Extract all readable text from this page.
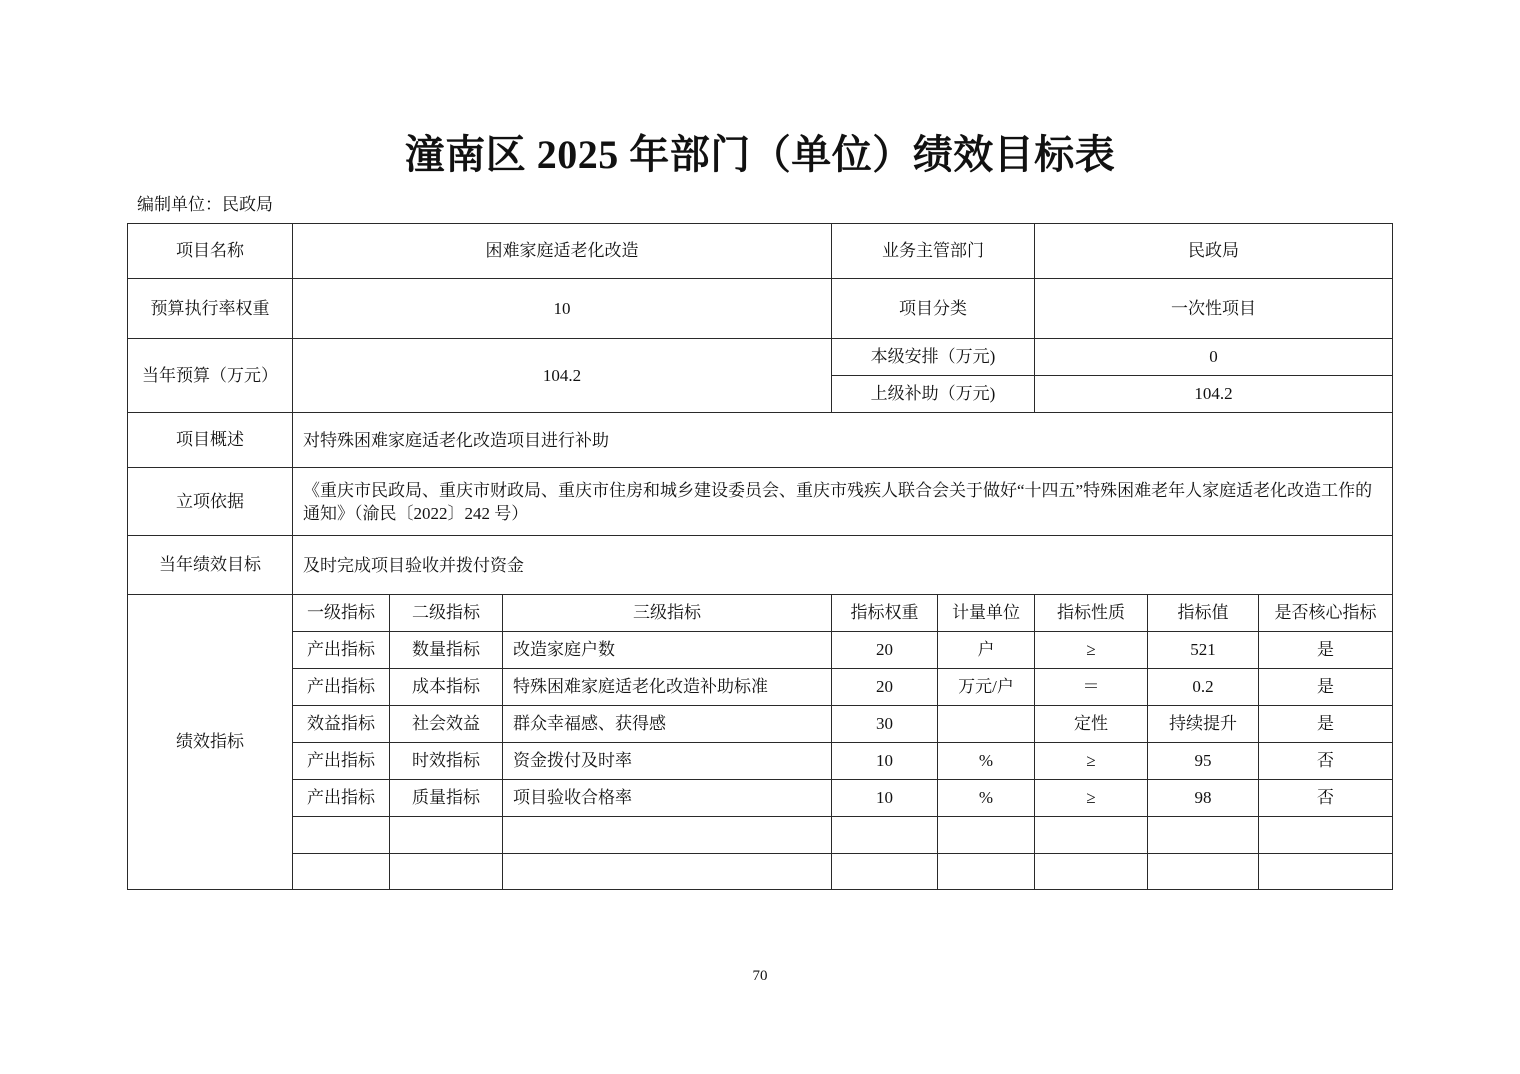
潼南区 2025 年部门（单位）绩效目标表
编制单位：民政局
项目名称	困难家庭适老化改造			业务主管部门		民政局		
预算执行率权重	10			项目分类		一次性项目		
当年预算（万元）	104.2			本级安排（万元)		0		
				上级补助（万元)		104.2		
项目概述	对特殊困难家庭适老化改造项目进行补助							
立项依据	《重庆市民政局、重庆市财政局、重庆市住房和城乡建设委员会、重庆市残疾人联合会关于做好“十四五”特殊困难老年人家庭适老化改造工作的通知》（渝民〔2022〕242 号）							
当年绩效目标	及时完成项目验收并拨付资金							
绩效指标	一级指标	二级指标	三级指标	指标权重	计量单位	指标性质	指标值	是否核心指标
	产出指标	数量指标	改造家庭户数	20	户	≥	521	是
	产出指标	成本指标	特殊困难家庭适老化改造补助标准	20	万元/户	＝	0.2	是
	效益指标	社会效益	群众幸福感、获得感	30		定性	持续提升	是
	产出指标	时效指标	资金拨付及时率	10	%	≥	95	否
	产出指标	质量指标	项目验收合格率	10	%	≥	98	否

70
